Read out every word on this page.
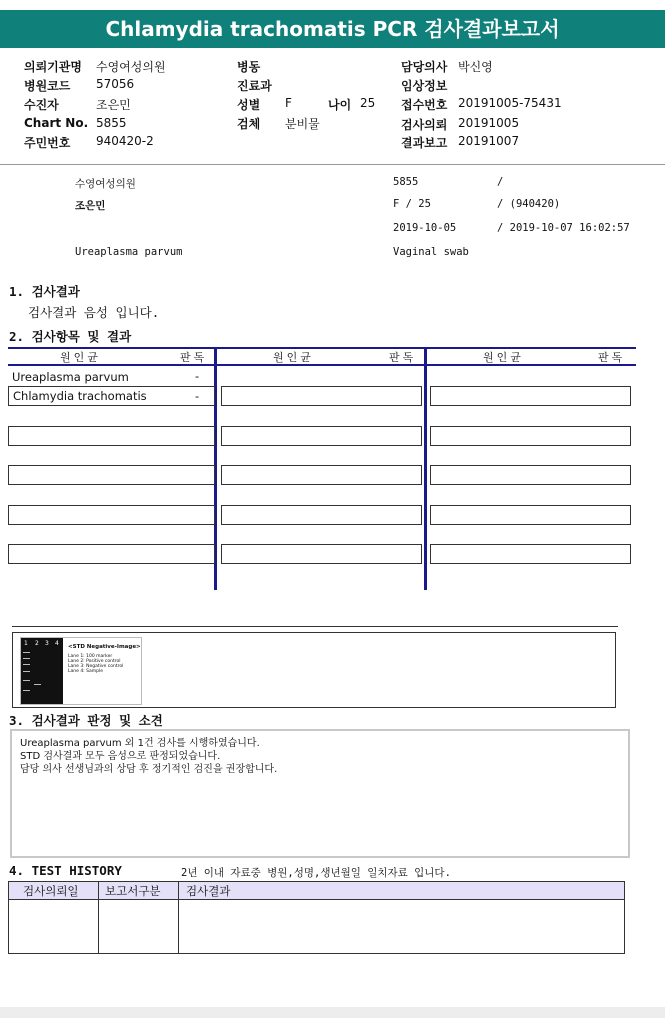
Chlamydia trachomatis PCR 검사결과보고서
의뢰기관명 수영여성의원
병원코드 57056
수진자	조은민
Chart No. 5855
주민번호 940420-2
병동
진료과
성별 F	나이 25
검체 분비물
담당의사 박신영
임상정보
접수번호 20191005-75431
검사의뢰 20191005
결과보고 20191007
수영여성의원	5855	/
조은민	F / 25	/ (940420)
2019-10-05	/ 2019-10-07 16:02:57
Ureaplasma parvum	Vaginal swab
1. 검사결과
검사결과 음성 입니다.
2. 검사항목 및 결과
원인균	판독	원인균	판독	원인균	판독
Ureaplasma parvum	-
Chlamydia trachomatis	-
1 2 3 4 <STD Negative-Image>
Lane 1: 100 marker
Lane 2: Positive control
Lane 3: Negative control
Lane 4: Sample
3. 검사결과 판정 및 소견
Ureaplasma parvum 외 1건 검사를 시행하였습니다.
STD 검사결과 모두 음성으로 판정되었습니다.
담당 의사 선생님과의 상담 후 정기적인 검진을 권장합니다.
4. TEST HISTORY	2년 이내 자료중 병원,성명,생년월일 일치자료 입니다.
검사의뢰일 보고서구분 검사결과
